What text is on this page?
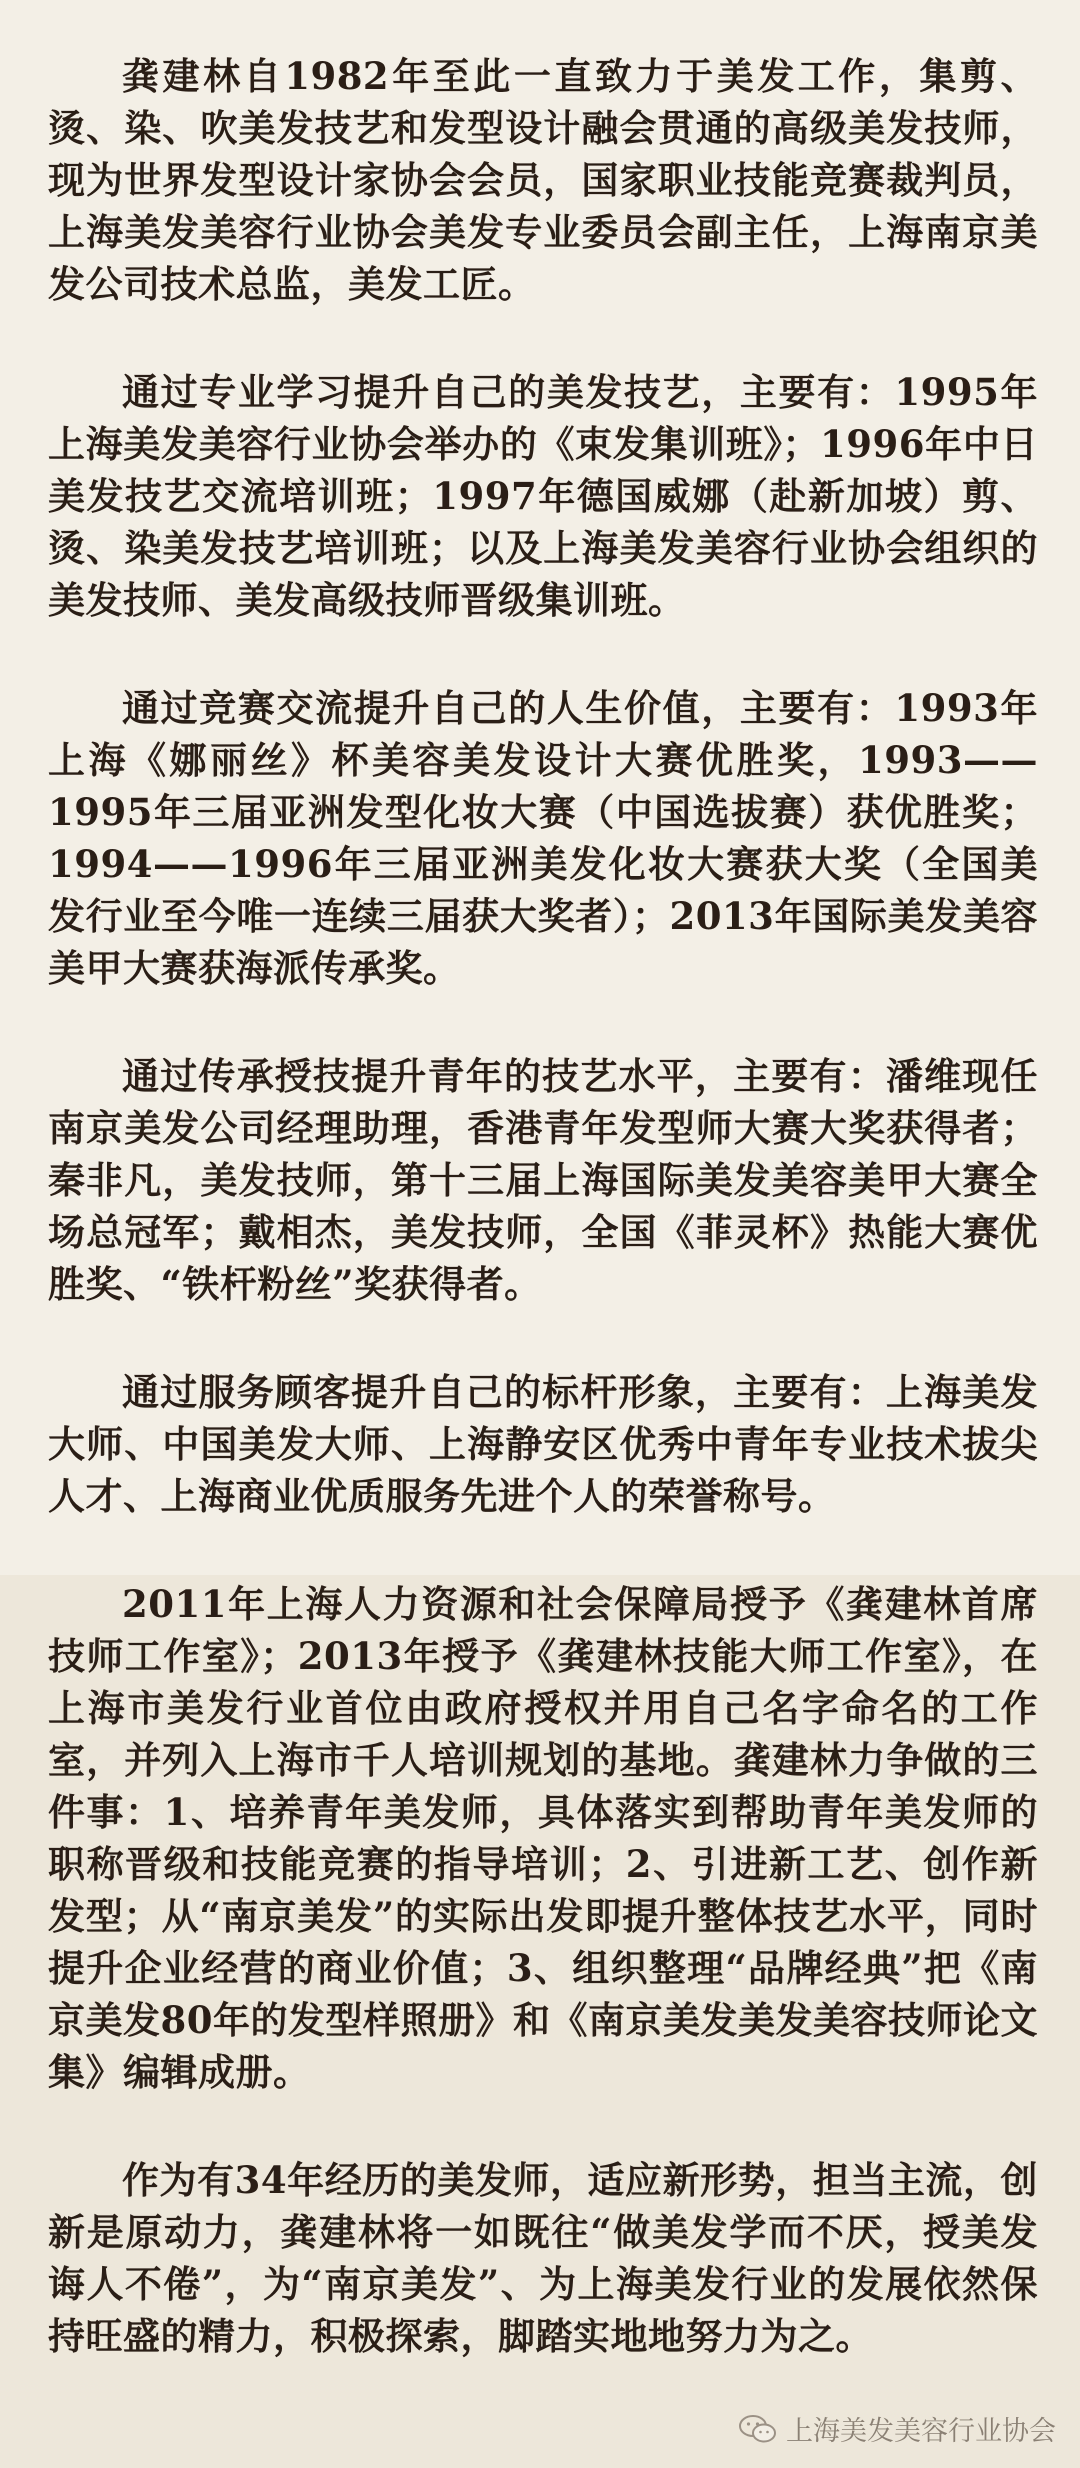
龚建林自1982年至此一直致力于美发工作，集剪、烫、染、吹美发技艺和发型设计融会贯通的高级美发技师，现为世界发型设计家协会会员，国家职业技能竞赛裁判员，上海美发美容行业协会美发专业委员会副主任，上海南京美发公司技术总监，美发工匠。

通过专业学习提升自己的美发技艺，主要有：1995年上海美发美容行业协会举办的《束发集训班》；1996年中日美发技艺交流培训班；1997年德国威娜（赴新加坡）剪、烫、染美发技艺培训班；以及上海美发美容行业协会组织的美发技师、美发高级技师晋级集训班。

通过竞赛交流提升自己的人生价值，主要有：1993年上海《娜丽丝》杯美容美发设计大赛优胜奖，1993——1995年三届亚洲发型化妆大赛（中国选拔赛）获优胜奖；1994——1996年三届亚洲美发化妆大赛获大奖（全国美发行业至今唯一连续三届获大奖者）；2013年国际美发美容美甲大赛获海派传承奖。

通过传承授技提升青年的技艺水平，主要有：潘维现任南京美发公司经理助理，香港青年发型师大赛大奖获得者；秦非凡，美发技师，第十三届上海国际美发美容美甲大赛全场总冠军；戴相杰，美发技师，全国《菲灵杯》热能大赛优胜奖、“铁杆粉丝”奖获得者。

通过服务顾客提升自己的标杆形象，主要有：上海美发大师、中国美发大师、上海静安区优秀中青年专业技术拔尖人才、上海商业优质服务先进个人的荣誉称号。

2011年上海人力资源和社会保障局授予《龚建林首席技师工作室》；2013年授予《龚建林技能大师工作室》，在上海市美发行业首位由政府授权并用自己名字命名的工作室，并列入上海市千人培训规划的基地。龚建林力争做的三件事：1、培养青年美发师，具体落实到帮助青年美发师的职称晋级和技能竞赛的指导培训；2、引进新工艺、创作新发型；从“南京美发”的实际出发即提升整体技艺水平，同时提升企业经营的商业价值；3、组织整理“品牌经典”把《南京美发80年的发型样照册》和《南京美发美发美容技师论文集》编辑成册。

作为有34年经历的美发师，适应新形势，担当主流，创新是原动力，龚建林将一如既往“做美发学而不厌，授美发诲人不倦”，为“南京美发”、为上海美发行业的发展依然保持旺盛的精力，积极探索，脚踏实地地努力为之。

上海美发美容行业协会
